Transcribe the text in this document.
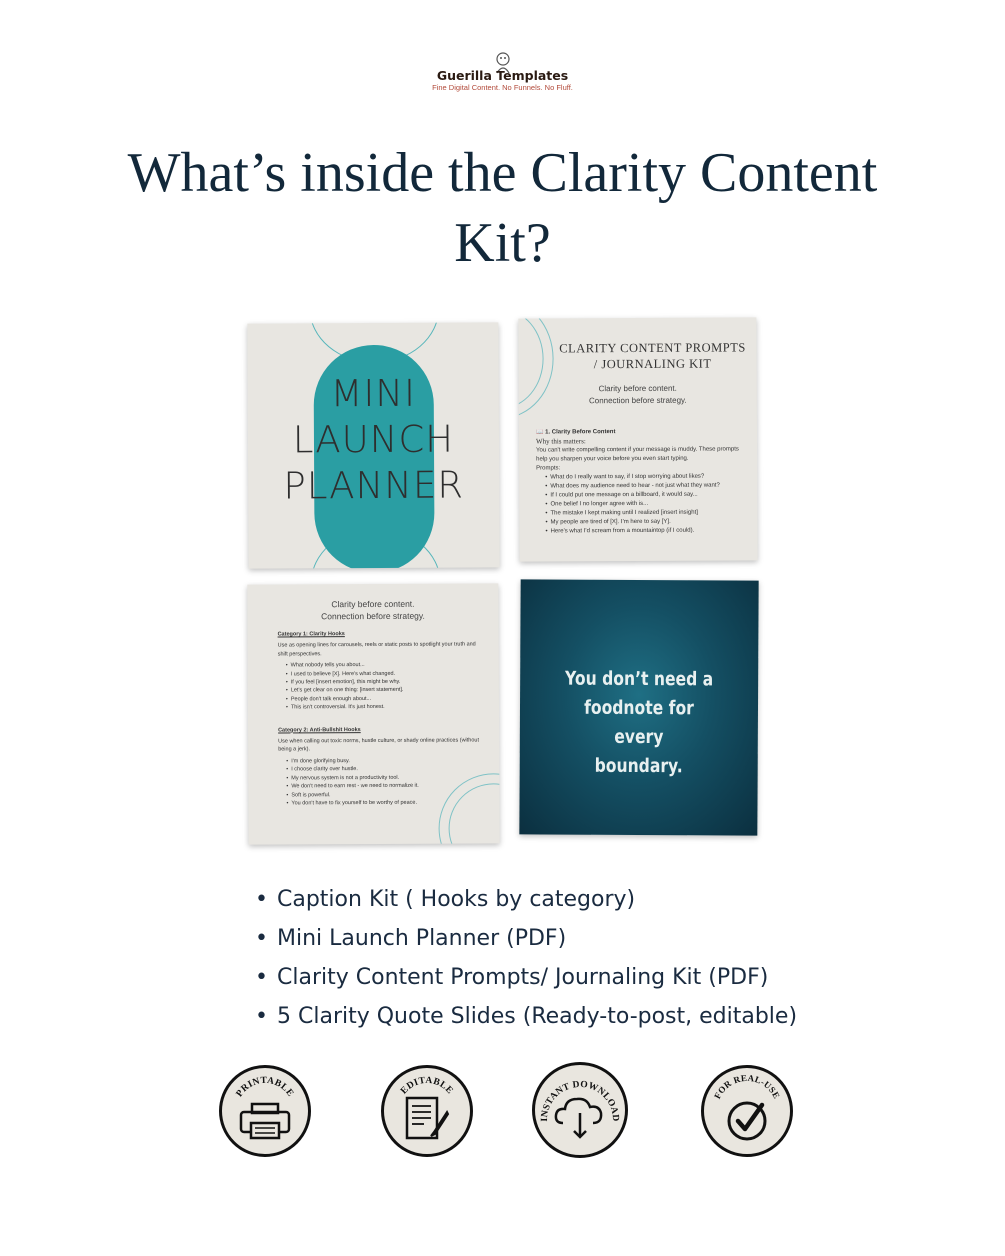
Guerilla Templates
Fine Digital Content. No Funnels. No Fluff.
What’s inside the Clarity Content Kit?
MINI
LAUNCH
PLANNER
CLARITY CONTENT PROMPTS
/ JOURNALING KIT
Clarity before content.
Connection before strategy.
📖 1. Clarity Before Content
Why this matters:
You can't write compelling content if your message is muddy. These prompts help you sharpen your voice before you even start typing.
Prompts:
• What do I really want to say, if I stop worrying about likes?
• What does my audience need to hear - not just what they want?
• If I could put one message on a billboard, it would say...
• One belief I no longer agree with is...
• The mistake I kept making until I realized [insert insight]
• My people are tired of [X]. I'm here to say [Y].
• Here's what I'd scream from a mountaintop (if I could).
Clarity before content.
Connection before strategy.
Category 1: Clarity Hooks

Use as opening lines for carousels, reels or static posts to spotlight your truth and shift perspectives.

• What nobody tells you about...
• I used to believe [X]. Here's what changed.
• If you feel [insert emotion], this might be why.
• Let's get clear on one thing: [insert statement].
• People don't talk enough about...
• This isn't controversial. It's just honest.
Category 2: Anti-Bullshit Hooks

Use when calling out toxic norms, hustle culture, or shady online practices (without being a jerk).

• I'm done glorifying busy.
• I choose clarity over hustle.
• My nervous system is not a productivity tool.
• We don't need to earn rest - we need to normalize it.
• Soft is powerful.
• You don't have to fix yourself to be worthy of peace.
You don’t need a
foodnote for every
boundary.
• Caption Kit ( Hooks by category)
• Mini Launch Planner (PDF)
• Clarity Content Prompts/ Journaling Kit (PDF)
• 5 Clarity Quote Slides (Ready-to-post, editable)
PRINTABLE	EDITABLE
INSTANT DOWNLOAD
FOR REAL-USE
